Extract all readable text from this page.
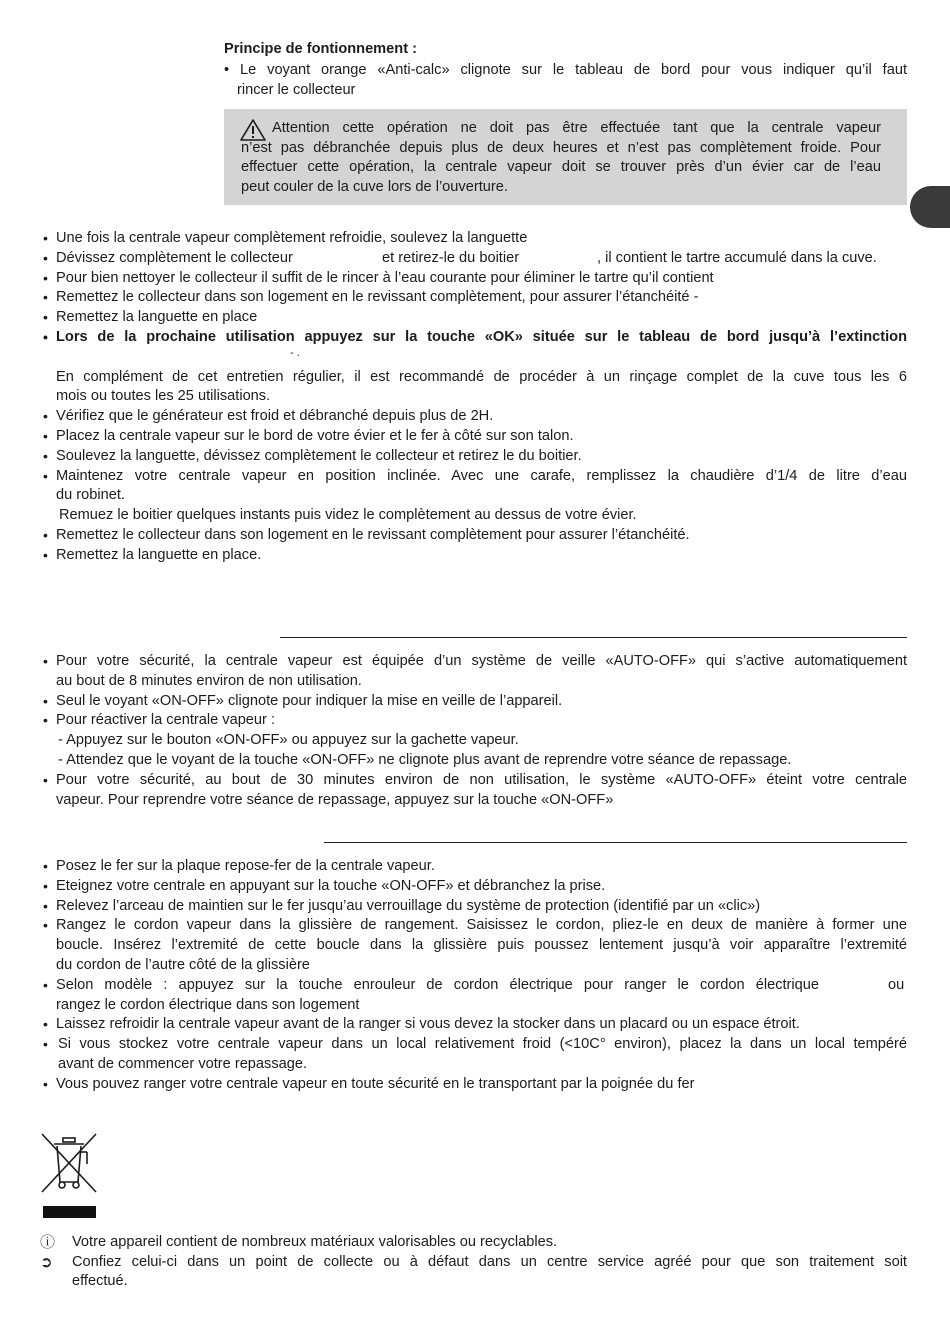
Principe de fontionnement :
• Le voyant orange «Anti-calc» clignote sur le tableau de bord pour vous indiquer qu’il faut
rincer le collecteur
Attention cette opération ne doit pas être effectuée tant que la centrale vapeur
n’est pas débranchée depuis plus de deux heures et n’est pas complètement froide. Pour
effectuer cette opération, la centrale vapeur doit se trouver près d’un évier car de l’eau
peut couler de la cuve lors de l’ouverture.
• Une fois la centrale vapeur complètement refroidie, soulevez la languette
• Dévissez complètement le collecteur	et retirez-le du boitier	, il contient le tartre accumulé dans la cuve.
• Pour bien nettoyer le collecteur il suffit de le rincer à l’eau courante pour éliminer le tartre qu’il contient
• Remettez le collecteur dans son logement en le revissant complètement, pour assurer l’étanchéité -
• Remettez la languette en place
• Lors de la prochaine utilisation appuyez sur la touche «OK» située sur le tableau de bord jusqu’à l’extinction
- .
En complément de cet entretien régulier, il est recommandé de procéder à un rinçage complet de la cuve tous les 6
mois ou toutes les 25 utilisations.
• Vérifiez que le générateur est froid et débranché depuis plus de 2H.
• Placez la centrale vapeur sur le bord de votre évier et le fer à côté sur son talon.
• Soulevez la languette, dévissez complètement le collecteur et retirez le du boitier.
• Maintenez votre centrale vapeur en position inclinée. Avec une carafe, remplissez la chaudière d’1/4 de litre d’eau
du robinet.
Remuez le boitier quelques instants puis videz le complètement au dessus de votre évier.
• Remettez le collecteur dans son logement en le revissant complètement pour assurer l’étanchéité.
• Remettez la languette en place.
• Pour votre sécurité, la centrale vapeur est équipée d’un système de veille «AUTO-OFF» qui s’active automatiquement
au bout de 8 minutes environ de non utilisation.
• Seul le voyant «ON-OFF» clignote pour indiquer la mise en veille de l’appareil.
• Pour réactiver la centrale vapeur :
- Appuyez sur le bouton «ON-OFF» ou appuyez sur la gachette vapeur.
- Attendez que le voyant de la touche «ON-OFF» ne clignote plus avant de reprendre votre séance de repassage.
• Pour votre sécurité, au bout de 30 minutes environ de non utilisation, le système «AUTO-OFF» éteint votre centrale
vapeur. Pour reprendre votre séance de repassage, appuyez sur la touche «ON-OFF»
• Posez le fer sur la plaque repose-fer de la centrale vapeur.
• Eteignez votre centrale en appuyant sur la touche «ON-OFF» et débranchez la prise.
• Relevez l’arceau de maintien sur le fer jusqu’au verrouillage du système de protection (identifié par un «clic»)
• Rangez le cordon vapeur dans la glissière de rangement. Saisissez le cordon, pliez-le en deux de manière à former une
boucle. Insérez l’extremité de cette boucle dans la glissière puis poussez lentement jusqu’à voir apparaître l’extremité
du cordon de l’autre côté de la glissière
• Selon modèle : appuyez sur la touche enrouleur de cordon électrique pour ranger le cordon électrique	ou
rangez le cordon électrique dans son logement
• Laissez refroidir la centrale vapeur avant de la ranger si vous devez la stocker dans un placard ou un espace étroit.
• Si vous stockez votre centrale vapeur dans un local relativement froid (<10C° environ), placez la dans un local tempéré
avant de commencer votre repassage.
• Vous pouvez ranger votre centrale vapeur en toute sécurité en le transportant par la poignée du fer
ⓘ Votre appareil contient de nombreux matériaux valorisables ou recyclables.
➲ Confiez celui-ci dans un point de collecte ou à défaut dans un centre service agréé pour que son traitement soit
effectué.
